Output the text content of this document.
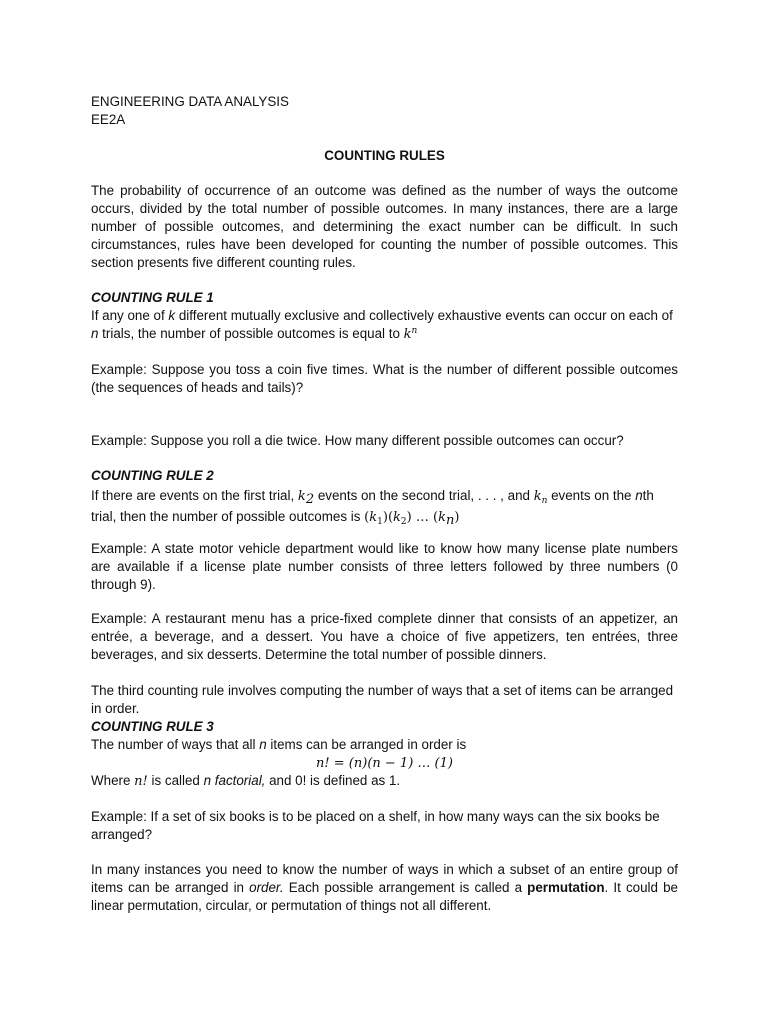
ENGINEERING DATA ANALYSIS
EE2A
COUNTING RULES

The probability of occurrence of an outcome was defined as the number of ways the outcome occurs, divided by the total number of possible outcomes. In many instances, there are a large number of possible outcomes, and determining the exact number can be difficult. In such circumstances, rules have been developed for counting the number of possible outcomes. This section presents five different counting rules.

COUNTING RULE 1

If any one of k different mutually exclusive and collectively exhaustive events can occur on each of n trials, the number of possible outcomes is equal to $k^n$

Example: Suppose you toss a coin five times. What is the number of different possible outcomes (the sequences of heads and tails)?

Example: Suppose you roll a die twice. How many different possible outcomes can occur?

COUNTING RULE 2

If there are events on the first trial, $k_2$ events on the second trial, . . . , and $k_n$ events on the nth trial, then the number of possible outcomes is $(k_1)(k_2)$ … $(k_n)$

Example: A state motor vehicle department would like to know how many license plate numbers are available if a license plate number consists of three letters followed by three numbers (0 through 9).

Example: A restaurant menu has a price-fixed complete dinner that consists of an appetizer, an entrée, a beverage, and a dessert. You have a choice of five appetizers, ten entrées, three beverages, and six desserts. Determine the total number of possible dinners.

The third counting rule involves computing the number of ways that a set of items can be arranged in order.

COUNTING RULE 3

The number of ways that all n items can be arranged in order is

n! = (n)(n − 1) … (1)

Where n! is called n factorial, and 0! is defined as 1.

Example: If a set of six books is to be placed on a shelf, in how many ways can the six books be arranged?

In many instances you need to know the number of ways in which a subset of an entire group of items can be arranged in order. Each possible arrangement is called a permutation. It could be linear permutation, circular, or permutation of things not all different.
